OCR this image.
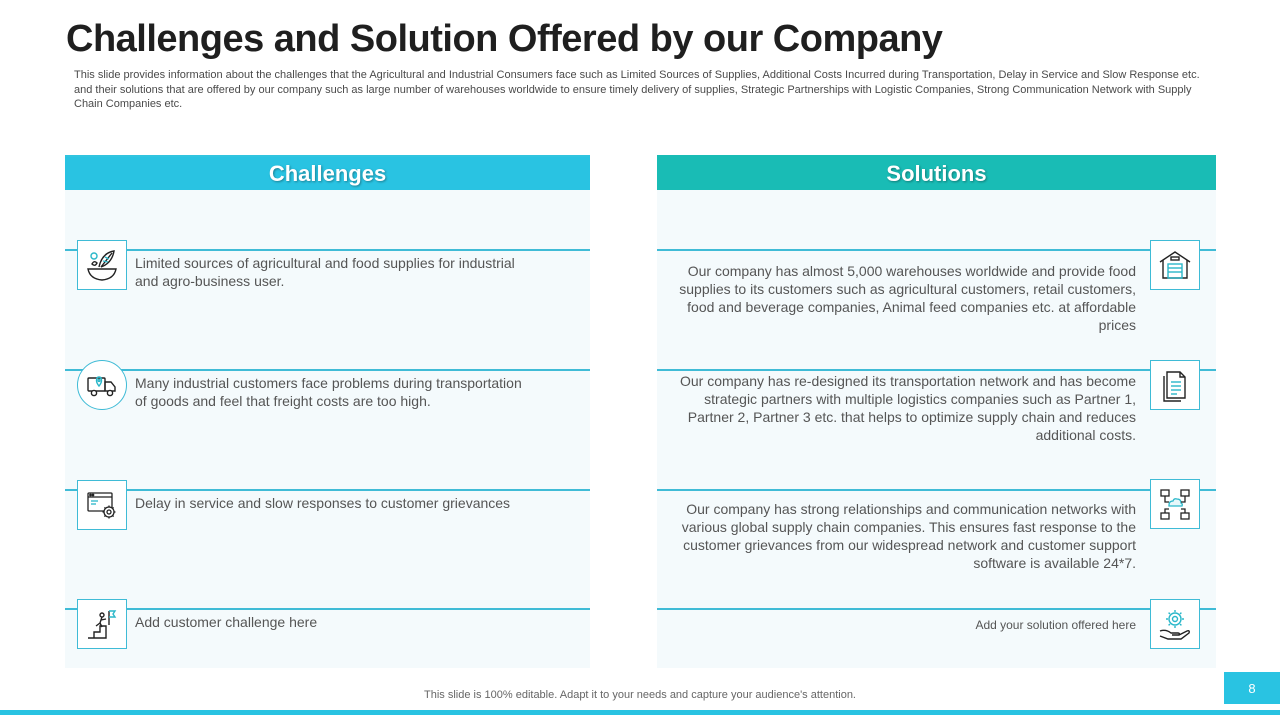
Challenges and Solution Offered by our Company
This slide provides information about the challenges that the Agricultural and Industrial Consumers face such as Limited Sources of Supplies, Additional Costs Incurred during Transportation, Delay in Service and Slow Response etc. and their solutions that are offered by our company such as large number of warehouses worldwide to ensure timely delivery of supplies, Strategic Partnerships with Logistic Companies, Strong Communication Network with Supply Chain Companies etc.
Challenges
Limited sources of agricultural and food supplies for industrial and agro-business user.
Many industrial customers face problems during transportation of goods and feel that freight costs are too high.
Delay in service and slow responses to customer grievances
Add customer challenge here
Solutions
Our company has almost 5,000 warehouses worldwide and provide food supplies to its customers such as agricultural customers, retail customers, food and beverage companies, Animal feed companies etc. at affordable prices
Our company has re-designed its transportation network and has become strategic partners with multiple logistics companies such as Partner 1, Partner 2, Partner 3 etc. that helps to optimize supply chain and reduces additional costs.
Our company has strong relationships and communication networks with various global supply chain companies. This ensures fast response to the customer grievances from our widespread network and customer support software is available 24*7.
Add your solution offered here
This slide is 100% editable. Adapt it to your needs and capture your audience's attention.	8
